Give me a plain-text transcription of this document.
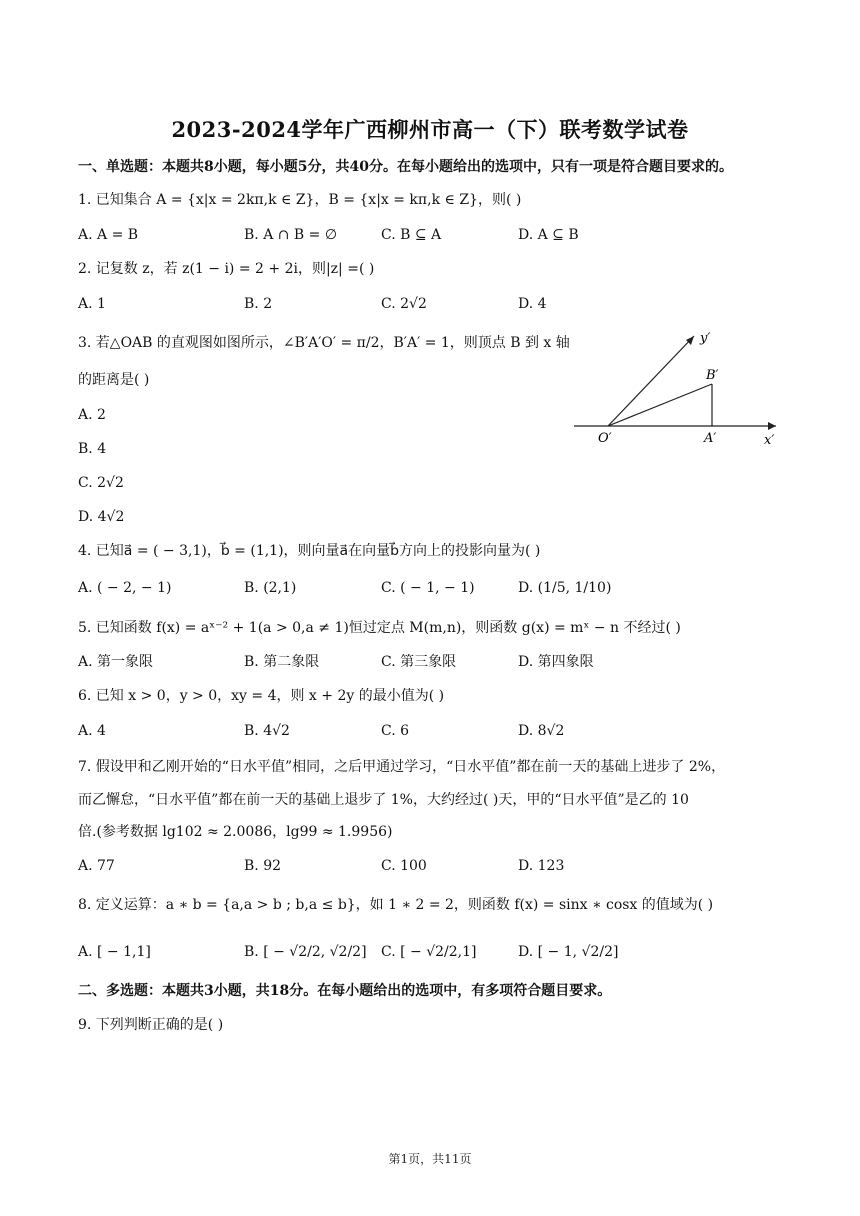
2023-2024学年广西柳州市高一（下）联考数学试卷
一、单选题：本题共8小题，每小题5分，共40分。在每小题给出的选项中，只有一项是符合题目要求的。
1. 已知集合 A = {x|x = 2kπ,k ∈ Z}，B = {x|x = kπ,k ∈ Z}，则( )
A. A = B	B. A ∩ B = ∅	C. B ⊆ A	D. A ⊆ B
2. 记复数 z，若 z(1 − i) = 2 + 2i，则|z| =( )
A. 1	B. 2	C. 2√2	D. 4
3. 若△OAB 的直观图如图所示，∠B′A′O′ = π/2，B′A′ = 1，则顶点 B 到 x 轴
的距离是( )
A. 2
B. 4
C. 2√2
D. 4√2
y′
B′
O′	A′	x′
4. 已知a⃗ = ( − 3,1)，b⃗ = (1,1)，则向量a⃗在向量b⃗方向上的投影向量为( )
A. ( − 2, − 1)	B. (2,1)	C. ( − 1, − 1)	D. (1/5, 1/10)
5. 已知函数 f(x) = aˣ⁻² + 1(a > 0,a ≠ 1)恒过定点 M(m,n)，则函数 g(x) = mˣ − n 不经过( )
A. 第一象限	B. 第二象限	C. 第三象限	D. 第四象限
6. 已知 x > 0，y > 0，xy = 4，则 x + 2y 的最小值为( )
A. 4	B. 4√2	C. 6	D. 8√2
7. 假设甲和乙刚开始的“日水平值”相同，之后甲通过学习，“日水平值”都在前一天的基础上进步了 2%，
而乙懈怠，“日水平值”都在前一天的基础上退步了 1%，大约经过( )天，甲的“日水平值”是乙的 10
倍.(参考数据 lg102 ≈ 2.0086，lg99 ≈ 1.9956)
A. 77	B. 92	C. 100	D. 123
8. 定义运算：a ∗ b = {a,a > b ; b,a ≤ b}，如 1 ∗ 2 = 2，则函数 f(x) = sinx ∗ cosx 的值域为( )
A. [ − 1,1]	B. [ − √2/2, √2/2] C. [ − √2/2,1]	D. [ − 1, √2/2]
二、多选题：本题共3小题，共18分。在每小题给出的选项中，有多项符合题目要求。
9. 下列判断正确的是( )
第1页，共11页
